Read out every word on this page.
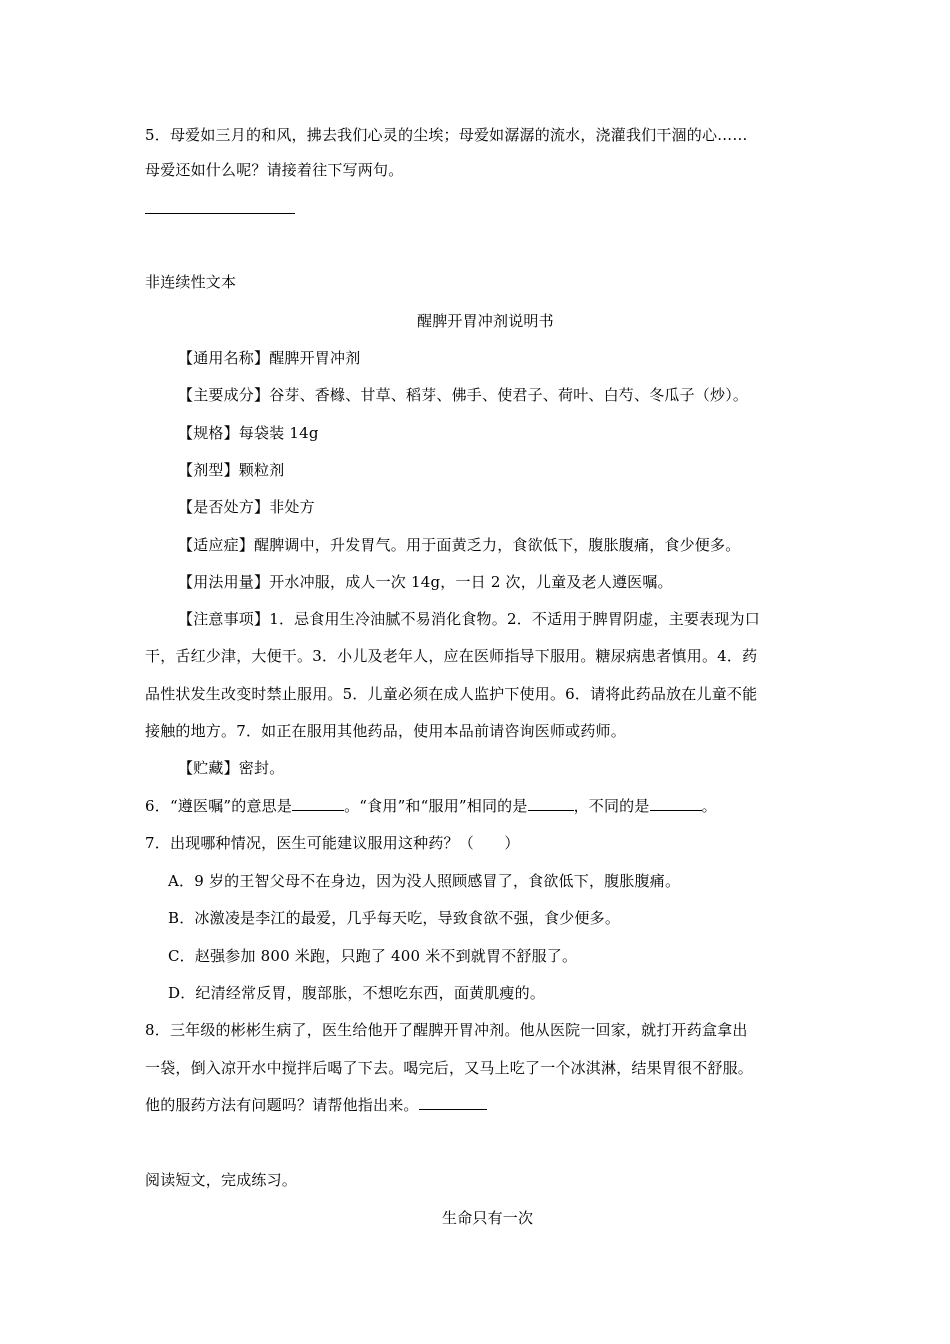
5．母爱如三月的和风，拂去我们心灵的尘埃；母爱如潺潺的流水，浇灌我们干涸的心……
母爱还如什么呢？请接着往下写两句。
非连续性文本
醒脾开胃冲剂说明书
【通用名称】醒脾开胃冲剂
【主要成分】谷芽、香橼、甘草、稻芽、佛手、使君子、荷叶、白芍、冬瓜子（炒）。
【规格】每袋装 14g
【剂型】颗粒剂
【是否处方】非处方
【适应症】醒脾调中，升发胃气。用于面黄乏力，食欲低下，腹胀腹痛，食少便多。
【用法用量】开水冲服，成人一次 14g，一日 2 次，儿童及老人遵医嘱。
【注意事项】1．忌食用生冷油腻不易消化食物。2．不适用于脾胃阴虚，主要表现为口
干，舌红少津，大便干。3．小儿及老年人，应在医师指导下服用。糖尿病患者慎用。4．药
品性状发生改变时禁止服用。5．儿童必须在成人监护下使用。6．请将此药品放在儿童不能
接触的地方。7．如正在服用其他药品，使用本品前请咨询医师或药师。
【贮藏】密封。
6．“遵医嘱”的意思是	。“食用”和“服用”相同的是	，不同的是	。
7．出现哪种情况，医生可能建议服用这种药？（　　）
A．9 岁的王智父母不在身边，因为没人照顾感冒了，食欲低下，腹胀腹痛。
B．冰激凌是李江的最爱，几乎每天吃，导致食欲不强，食少便多。
C．赵强参加 800 米跑，只跑了 400 米不到就胃不舒服了。
D．纪清经常反胃，腹部胀，不想吃东西，面黄肌瘦的。
8．三年级的彬彬生病了，医生给他开了醒脾开胃冲剂。他从医院一回家，就打开药盒拿出
一袋，倒入凉开水中搅拌后喝了下去。喝完后，又马上吃了一个冰淇淋，结果胃很不舒服。
他的服药方法有问题吗？请帮他指出来。
阅读短文，完成练习。
生命只有一次
